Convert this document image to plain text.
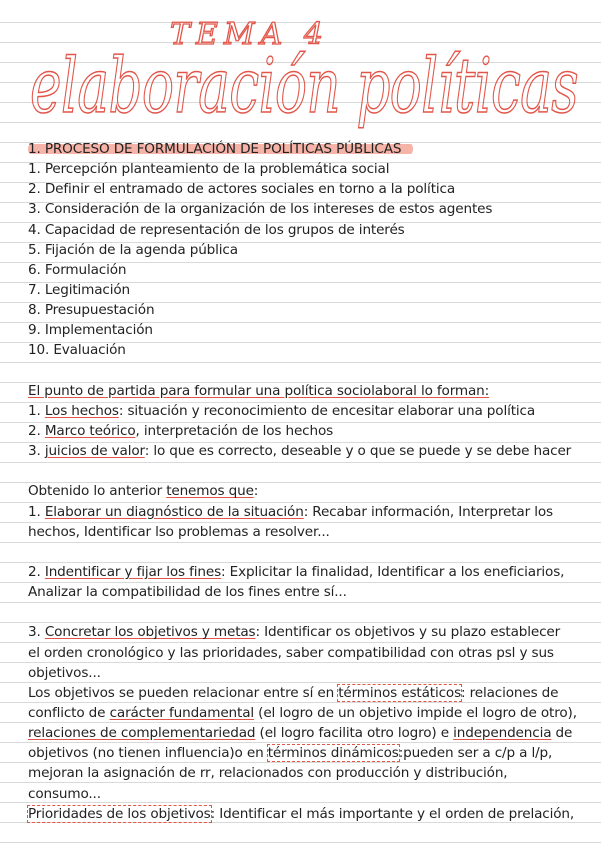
TEMA 4
elaboración políticas
1. PROCESO DE FORMULACIÓN DE POLÍTICAS PÚBLICAS
1. Percepción planteamiento de la problemática social
2. Definir el entramado de actores sociales en torno a la política
3. Consideración de la organización de los intereses de estos agentes
4. Capacidad de representación de los grupos de interés
5. Fijación de la agenda pública
6. Formulación
7. Legitimación
8. Presupuestación
9. Implementación
10. Evaluación
El punto de partida para formular una política sociolaboral lo forman:
1. Los hechos: situación y reconocimiento de encesitar elaborar una política
2. Marco teórico, interpretación de los hechos
3. juicios de valor: lo que es correcto, deseable y o que se puede y se debe hacer
Obtenido lo anterior tenemos que:
1. Elaborar un diagnóstico de la situación: Recabar información, Interpretar los
hechos, Identificar lso problemas a resolver...
2. Indentificar y fijar los fines: Explicitar la finalidad, Identificar a los eneficiarios,
Analizar la compatibilidad de los fines entre sí...
3. Concretar los objetivos y metas: Identificar os objetivos y su plazo establecer
el orden cronológico y las prioridades, saber compatibilidad con otras psl y sus
objetivos...
Los objetivos se pueden relacionar entre sí en términos estáticos: relaciones de
conflicto de carácter fundamental (el logro de un objetivo impide el logro de otro),
relaciones de complementariedad (el logro facilita otro logro) e independencia de
objetivos (no tienen influencia)o en términos dinámicos:pueden ser a c/p a l/p,
mejoran la asignación de rr, relacionados con producción y distribución,
consumo...
Prioridades de los objetivos: Identificar el más importante y el orden de prelación,
